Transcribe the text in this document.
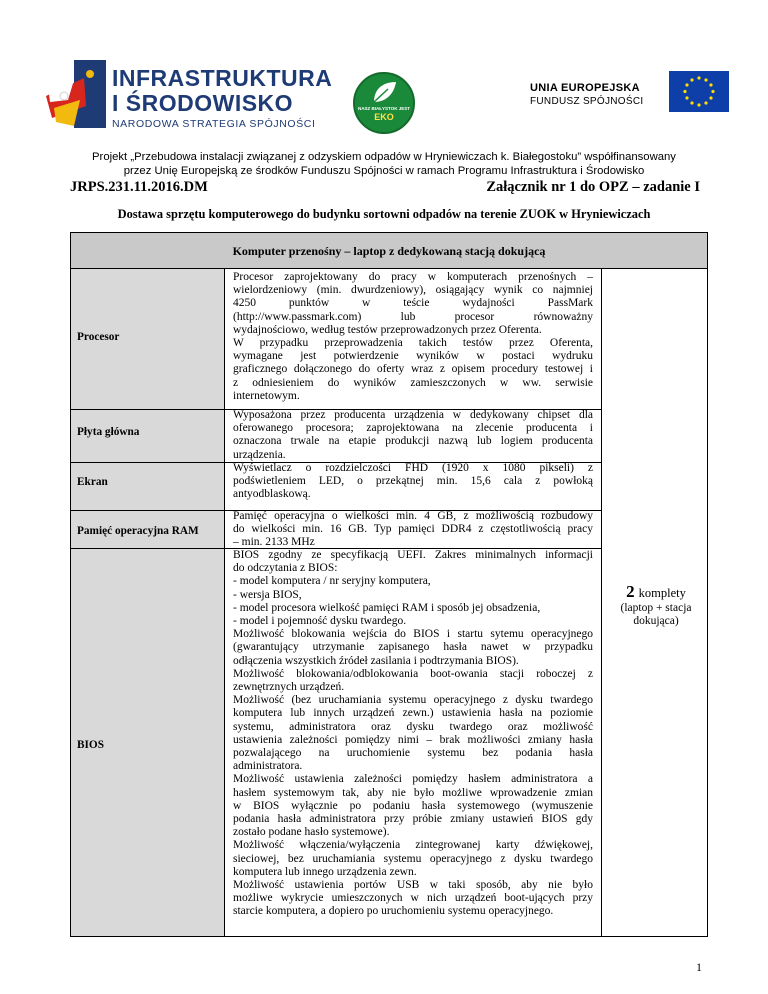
INFRASTRUKTURA
I ŚRODOWISKO
NARODOWA STRATEGIA SPÓJNOŚCI
NASZ BIAŁYSTOK JEST
EKO
UNIA EUROPEJSKA
FUNDUSZ SPÓJNOŚCI
Projekt „Przebudowa instalacji związanej z odzyskiem odpadów w Hryniewiczach k. Białegostoku” współfinansowany
przez Unię Europejską ze środków Funduszu Spójności w ramach Programu Infrastruktura i Środowisko
JRPS.231.11.2016.DM	Załącznik nr 1 do OPZ – zadanie I
Dostawa sprzętu komputerowego do budynku sortowni odpadów na terenie ZUOK w Hryniewiczach
Komputer przenośny – laptop z dedykowaną stacją dokującą
Procesor
Płyta główna
Ekran
Pamięć operacyjna RAM
BIOS
Procesor zaprojektowany do pracy w komputerach przenośnych –
wielordzeniowy (min. dwurdzeniowy), osiągający wynik co najmniej
4250 punktów w teście wydajności PassMark
(http://www.passmark.com) lub procesor równoważny
wydajnościowo, według testów przeprowadzonych przez Oferenta.
W przypadku przeprowadzenia takich testów przez Oferenta,
wymagane jest potwierdzenie wyników w postaci wydruku
graficznego dołączonego do oferty wraz z opisem procedury testowej i
z odniesieniem do wyników zamieszczonych w ww. serwisie
internetowym.
Wyposażona przez producenta urządzenia w dedykowany chipset dla
oferowanego procesora; zaprojektowana na zlecenie producenta i
oznaczona trwale na etapie produkcji nazwą lub logiem producenta
urządzenia.
Wyświetlacz o rozdzielczości FHD (1920 x 1080 pikseli) z
podświetleniem LED, o przekątnej min. 15,6 cala z powłoką
antyodblaskową.
Pamięć operacyjna o wielkości min. 4 GB, z możliwością rozbudowy
do wielkości min. 16 GB. Typ pamięci DDR4 z częstotliwością pracy
– min. 2133 MHz
BIOS zgodny ze specyfikacją UEFI. Zakres minimalnych informacji
do odczytania z BIOS:
- model komputera / nr seryjny komputera,
- wersja BIOS,
- model procesora wielkość pamięci RAM i sposób jej obsadzenia,
- model i pojemność dysku twardego.
Możliwość blokowania wejścia do BIOS i startu sytemu operacyjnego
(gwarantujący utrzymanie zapisanego hasła nawet w przypadku
odłączenia wszystkich źródeł zasilania i podtrzymania BIOS).
Możliwość blokowania/odblokowania boot-owania stacji roboczej z
zewnętrznych urządzeń.
Możliwość (bez uruchamiania systemu operacyjnego z dysku twardego
komputera lub innych urządzeń zewn.) ustawienia hasła na poziomie
systemu, administratora oraz dysku twardego oraz możliwość
ustawienia zależności pomiędzy nimi – brak możliwości zmiany hasła
pozwalającego na uruchomienie systemu bez podania hasła
administratora.
Możliwość ustawienia zależności pomiędzy hasłem administratora a
hasłem systemowym tak, aby nie było możliwe wprowadzenie zmian
w BIOS wyłącznie po podaniu hasła systemowego (wymuszenie
podania hasła administratora przy próbie zmiany ustawień BIOS gdy
zostało podane hasło systemowe).
Możliwość włączenia/wyłączenia zintegrowanej karty dźwiękowej,
sieciowej, bez uruchamiania systemu operacyjnego z dysku twardego
komputera lub innego urządzenia zewn.
Możliwość ustawienia portów USB w taki sposób, aby nie było
możliwe wykrycie umieszczonych w nich urządzeń boot-ujących przy
starcie komputera, a dopiero po uruchomieniu systemu operacyjnego.
2 komplety
(laptop + stacja
dokująca)
1
